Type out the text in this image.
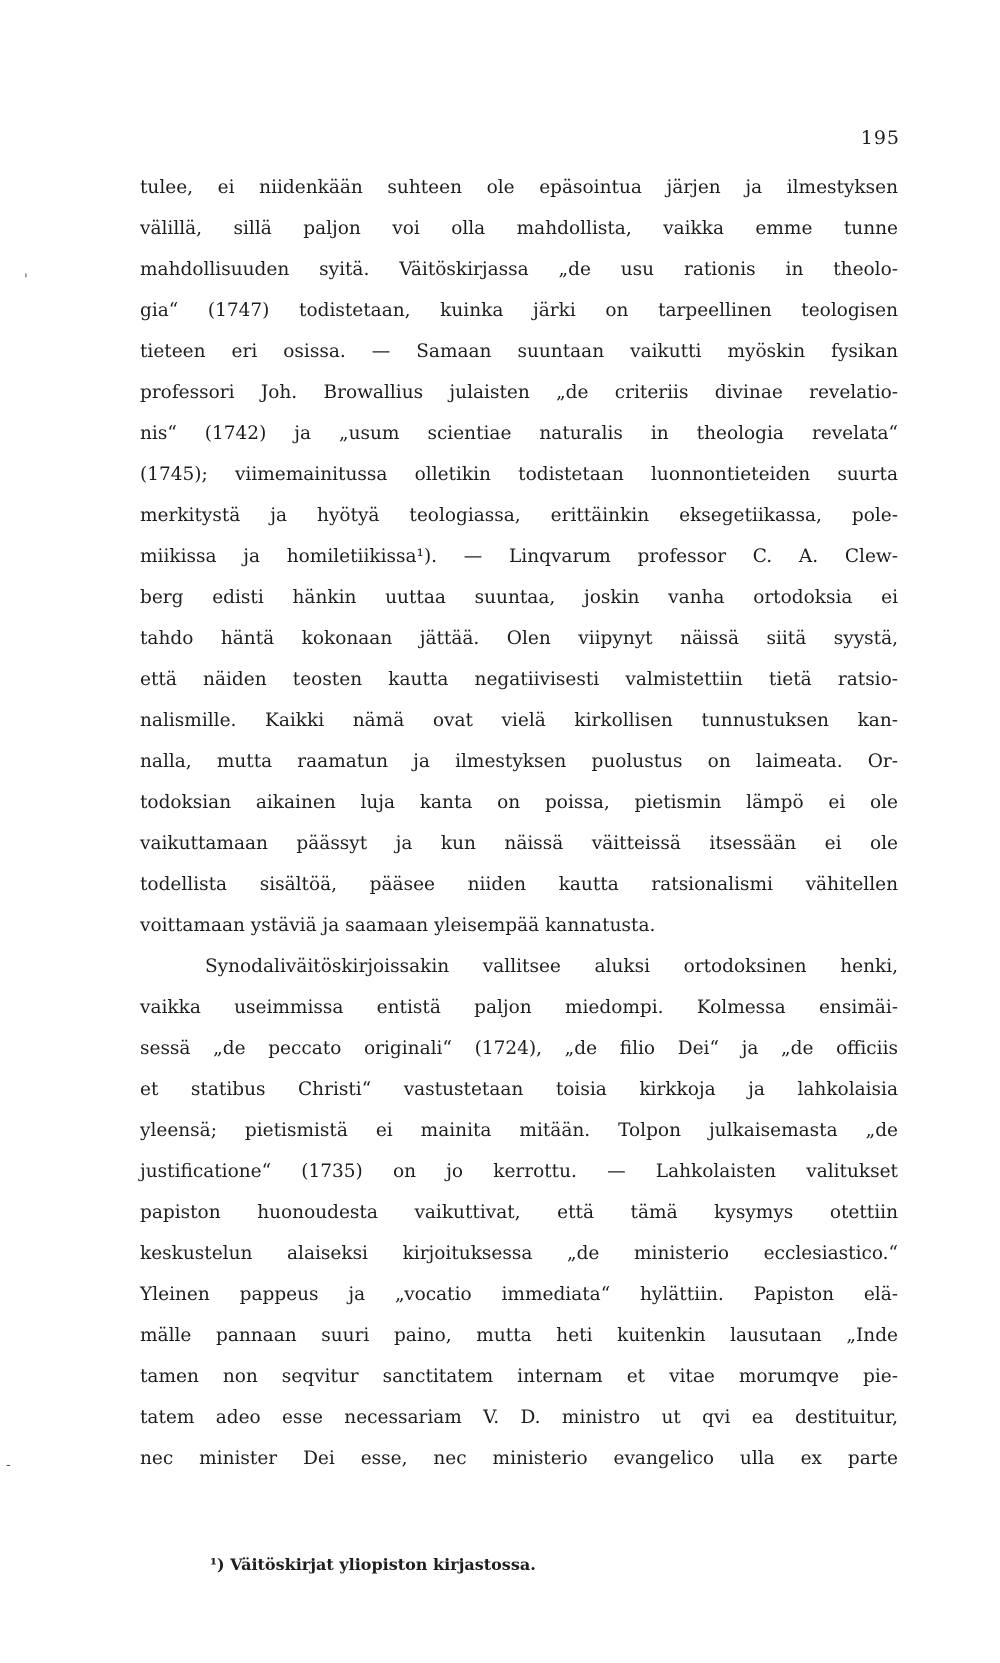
195
'
-
tulee, ei niidenkään suhteen ole epäsointua järjen ja ilmestyksen
välillä, sillä paljon voi olla mahdollista, vaikka emme tunne
mahdollisuuden syitä. Väitöskirjassa „de usu rationis in theolo-
gia“ (1747) todistetaan, kuinka järki on tarpeellinen teologisen
tieteen eri osissa. — Samaan suuntaan vaikutti myöskin fysikan
professori Joh. Browallius julaisten „de criteriis divinae revelatio-
nis“ (1742) ja „usum scientiae naturalis in theologia revelata“
(1745); viimemainitussa olletikin todistetaan luonnontieteiden suurta
merkitystä ja hyötyä teologiassa, erittäinkin eksegetiikassa, pole-
miikissa ja homiletiikissa¹). — Linqvarum professor C. A. Clew-
berg edisti hänkin uuttaa suuntaa, joskin vanha ortodoksia ei
tahdo häntä kokonaan jättää. Olen viipynyt näissä siitä syystä,
että näiden teosten kautta negatiivisesti valmistettiin tietä ratsio-
nalismille. Kaikki nämä ovat vielä kirkollisen tunnustuksen kan-
nalla, mutta raamatun ja ilmestyksen puolustus on laimeata. Or-
todoksian aikainen luja kanta on poissa, pietismin lämpö ei ole
vaikuttamaan päässyt ja kun näissä väitteissä itsessään ei ole
todellista sisältöä, pääsee niiden kautta ratsionalismi vähitellen
voittamaan ystäviä ja saamaan yleisempää kannatusta.
Synodaliväitöskirjoissakin vallitsee aluksi ortodoksinen henki,
vaikka useimmissa entistä paljon miedompi. Kolmessa ensimäi-
sessä „de peccato originali“ (1724), „de filio Dei“ ja „de officiis
et statibus Christi“ vastustetaan toisia kirkkoja ja lahkolaisia
yleensä; pietismistä ei mainita mitään. Tolpon julkaisemasta „de
justificatione“ (1735) on jo kerrottu. — Lahkolaisten valitukset
papiston huonoudesta vaikuttivat, että tämä kysymys otettiin
keskustelun alaiseksi kirjoituksessa „de ministerio ecclesiastico.“
Yleinen pappeus ja „vocatio immediata“ hylättiin. Papiston elä-
mälle pannaan suuri paino, mutta heti kuitenkin lausutaan „Inde
tamen non seqvitur sanctitatem internam et vitae morumqve pie-
tatem adeo esse necessariam V. D. ministro ut qvi ea destituitur,
nec minister Dei esse, nec ministerio evangelico ulla ex parte
¹) Väitöskirjat yliopiston kirjastossa.
